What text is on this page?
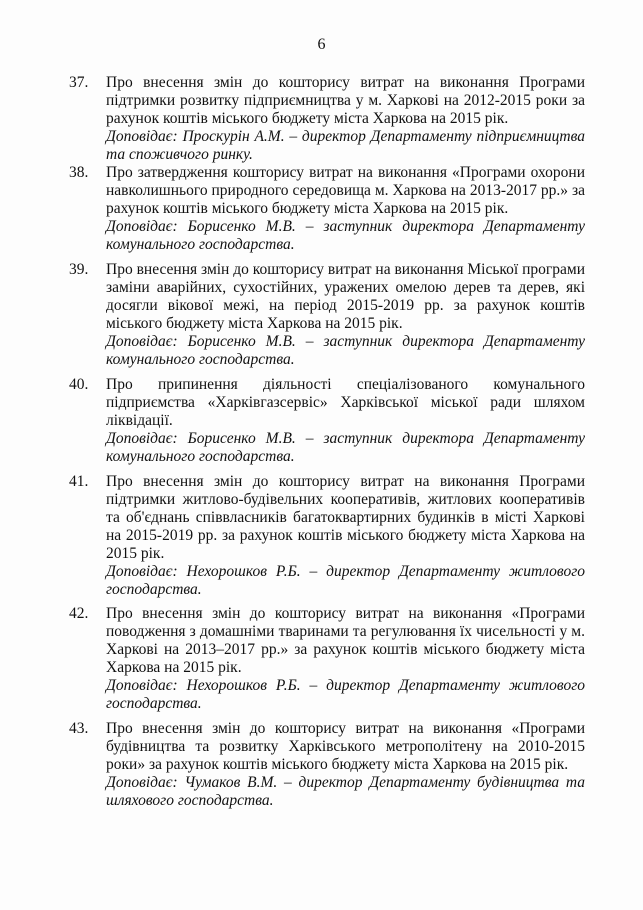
6
37. Про внесення змін до кошторису витрат на виконання Програми підтримки розвитку підприємництва у м. Харкові на 2012-2015 роки за рахунок коштів міського бюджету міста Харкова на 2015 рік.

Доповідає: Проскурін А.М. – директор Департаменту підприємництва та споживчого ринку.

38. Про затвердження кошторису витрат на виконання «Програми охорони навколишнього природного середовища м. Харкова на 2013-2017 рр.» за рахунок коштів міського бюджету міста Харкова на 2015 рік.

Доповідає: Борисенко М.В. – заступник директора Департаменту комунального господарства.

39. Про внесення змін до кошторису витрат на виконання Міської програми заміни аварійних, сухостійних, уражених омелою дерев та дерев, які досягли вікової межі, на період 2015-2019 рр. за рахунок коштів міського бюджету міста Харкова на 2015 рік.

Доповідає: Борисенко М.В. – заступник директора Департаменту комунального господарства.

40. Про припинення діяльності спеціалізованого комунального підприємства «Харківгазсервіс» Харківської міської ради шляхом ліквідації.

Доповідає: Борисенко М.В. – заступник директора Департаменту комунального господарства.

41. Про внесення змін до кошторису витрат на виконання Програми підтримки житлово-будівельних кооперативів, житлових кооперативів та об'єднань співвласників багатоквартирних будинків в місті Харкові на 2015-2019 рр. за рахунок коштів міського бюджету міста Харкова на 2015 рік.

Доповідає: Нехорошков Р.Б. – директор Департаменту житлового господарства.

42. Про внесення змін до кошторису витрат на виконання «Програми поводження з домашніми тваринами та регулювання їх чисельності у м. Харкові на 2013–2017 рр.» за рахунок коштів міського бюджету міста Харкова на 2015 рік.

Доповідає: Нехорошков Р.Б. – директор Департаменту житлового господарства.

43. Про внесення змін до кошторису витрат на виконання «Програми будівництва та розвитку Харківського метрополітену на 2010-2015 роки» за рахунок коштів міського бюджету міста Харкова на 2015 рік.

Доповідає: Чумаков В.М. – директор Департаменту будівництва та шляхового господарства.
